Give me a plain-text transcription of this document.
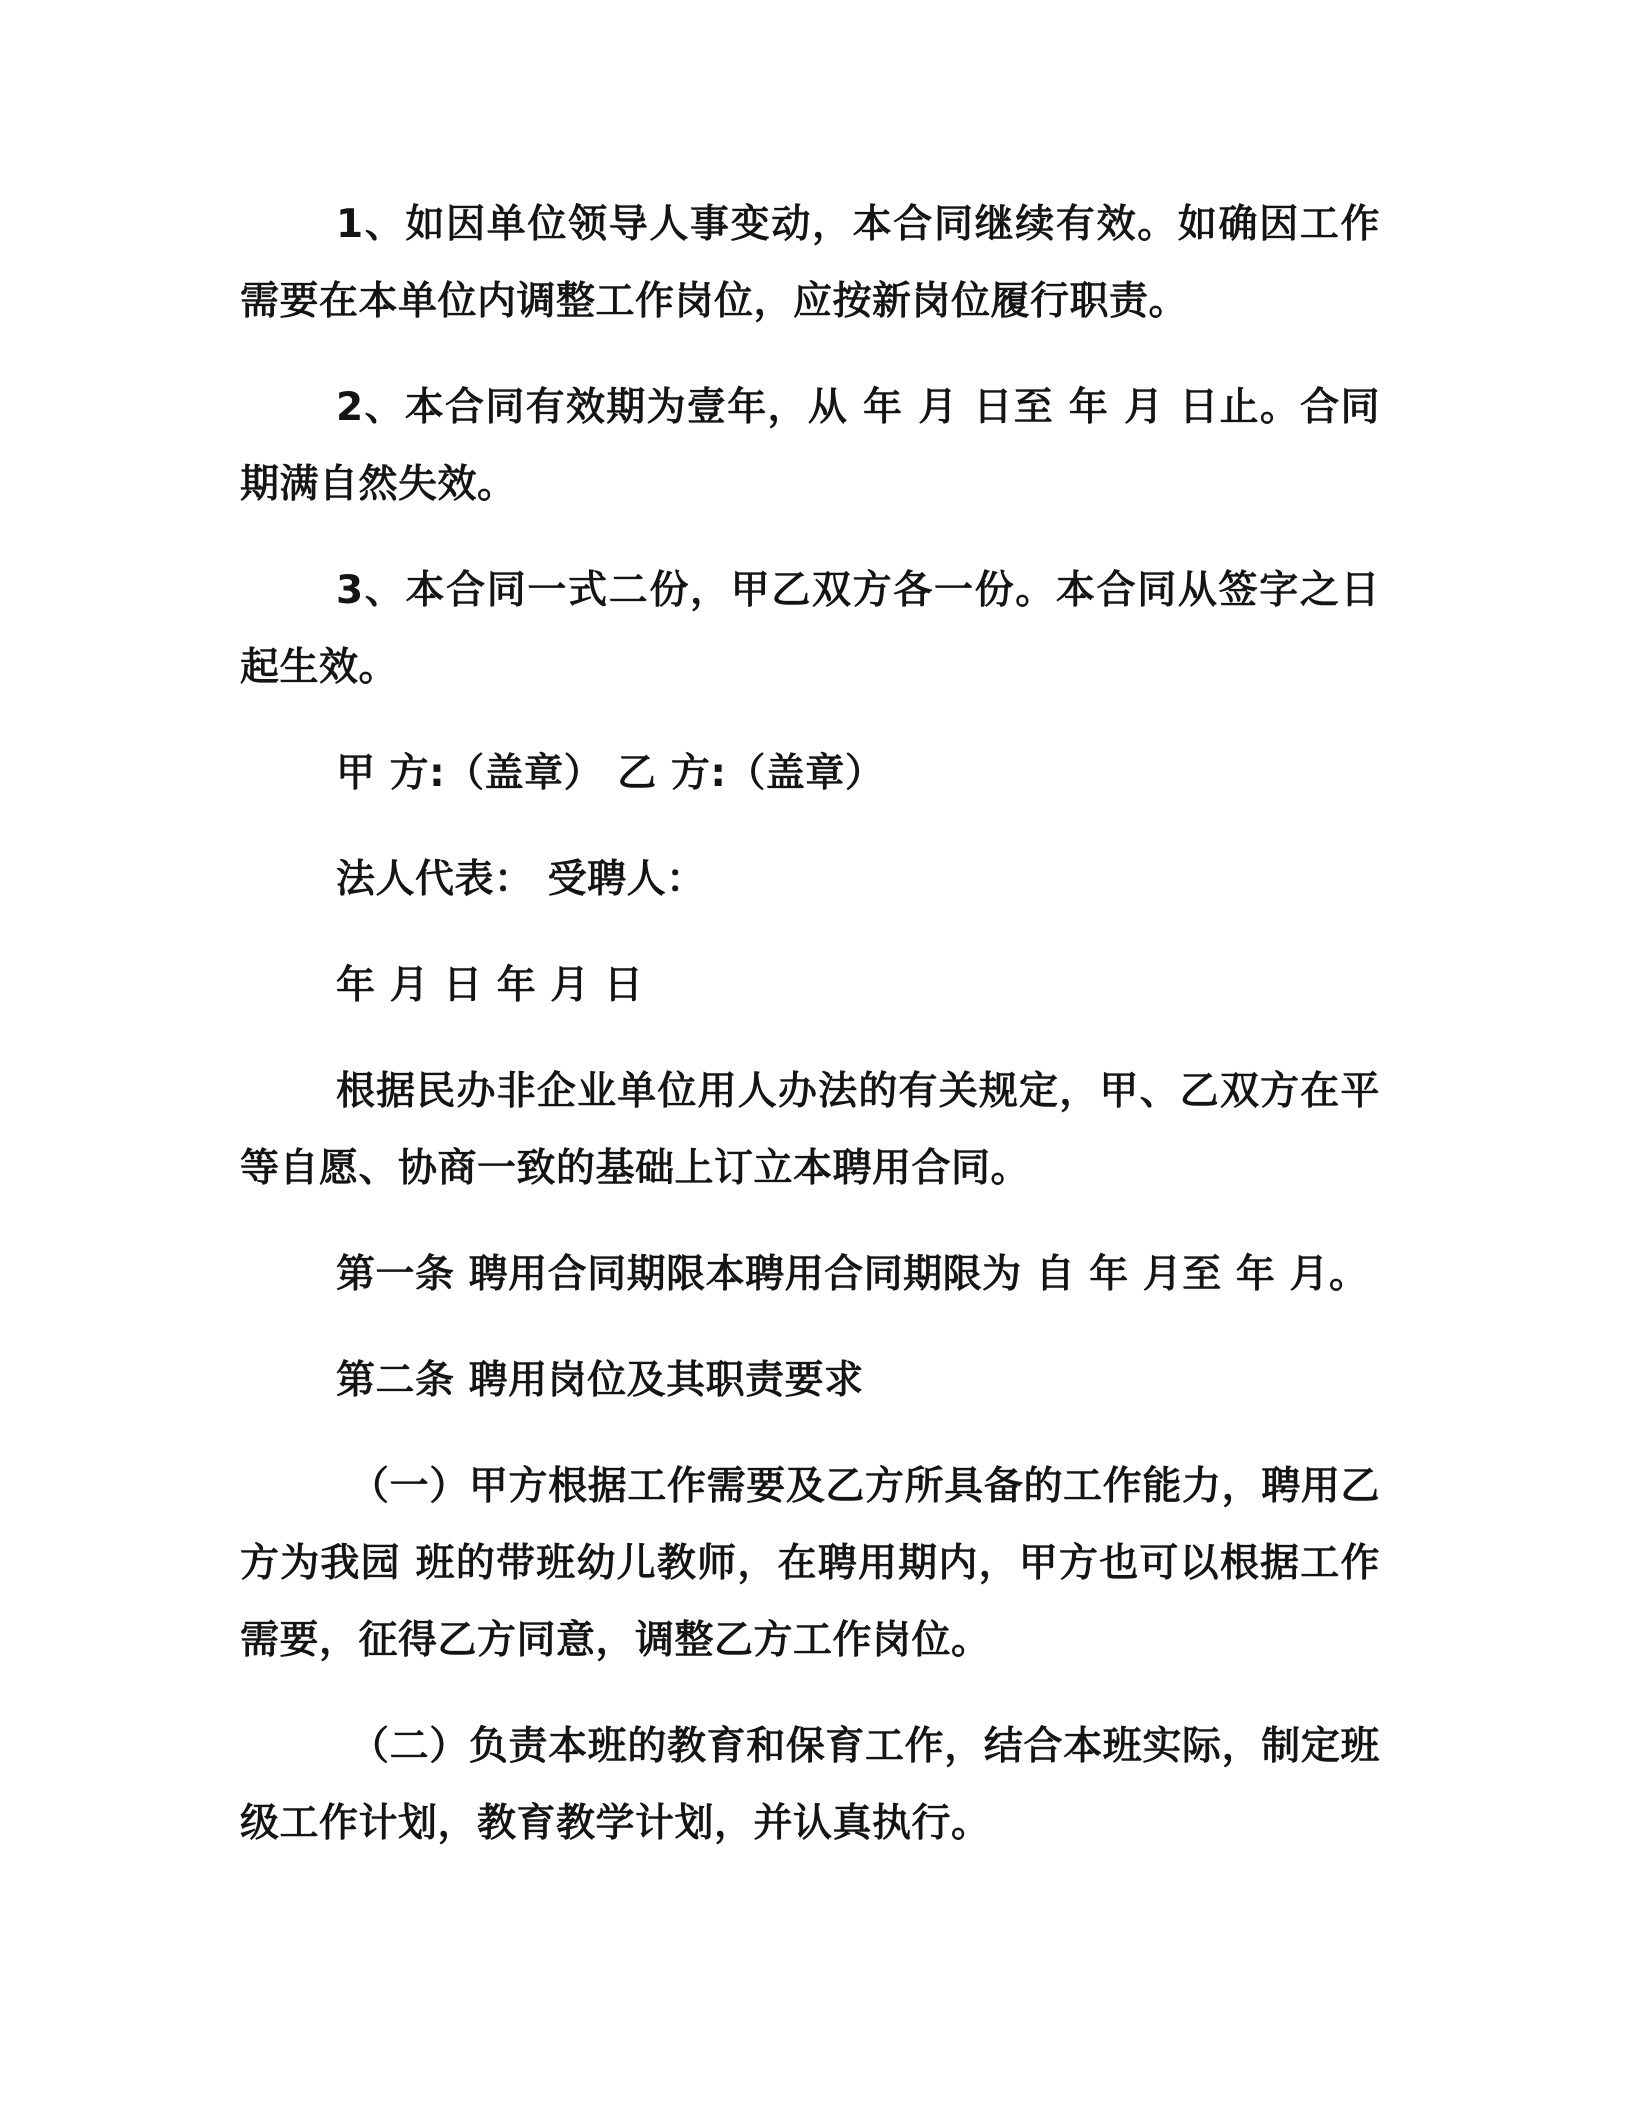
1、如因单位领导人事变动，本合同继续有效。如确因工作需要在本单位内调整工作岗位，应按新岗位履行职责。

2、本合同有效期为壹年，从 年 月 日至 年 月 日止。合同期满自然失效。

3、本合同一式二份，甲乙双方各一份。本合同从签字之日起生效。

甲 方:（盖章） 乙 方:（盖章）

法人代表： 受聘人：

年 月 日 年 月 日

根据民办非企业单位用人办法的有关规定，甲、乙双方在平等自愿、协商一致的基础上订立本聘用合同。

第一条 聘用合同期限本聘用合同期限为 自 年 月至 年 月。

第二条 聘用岗位及其职责要求

（一）甲方根据工作需要及乙方所具备的工作能力，聘用乙方为我园 班的带班幼儿教师，在聘用期内，甲方也可以根据工作需要，征得乙方同意，调整乙方工作岗位。

（二）负责本班的教育和保育工作，结合本班实际，制定班级工作计划，教育教学计划，并认真执行。
